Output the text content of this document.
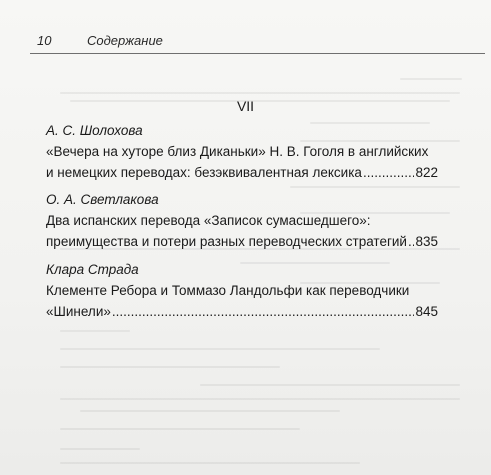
10	Содержание
VII
А. С. Шолохова
«Вечера на хуторе близ Диканьки» Н. В. Гоголя в английских
и немецких переводах: безэквивалентная лексика .....	822
О. А. Светлакова
Два испанских перевода «Записок сумасшедшего»:
преимущества и потери разных переводческих стратегий ..... 835
Клара Страда
Клементе Ребора и Томмазо Ландольфи как переводчики
«Шинели» .....	845
